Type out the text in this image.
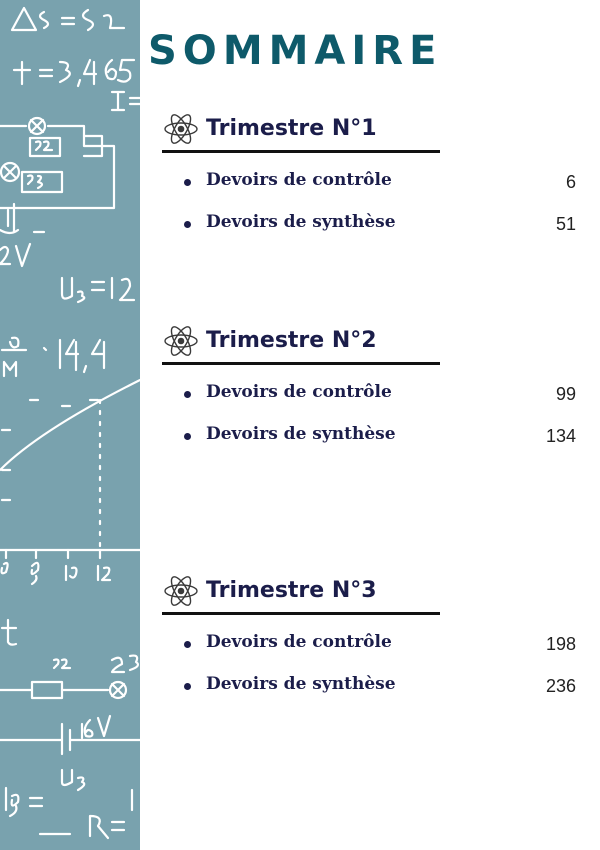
SOMMAIRE
Trimestre N°1
Devoirs de contrôle	6
Devoirs de synthèse	51
Trimestre N°2
Devoirs de contrôle	99
Devoirs de synthèse	134
Trimestre N°3
Devoirs de contrôle	198
Devoirs de synthèse	236
